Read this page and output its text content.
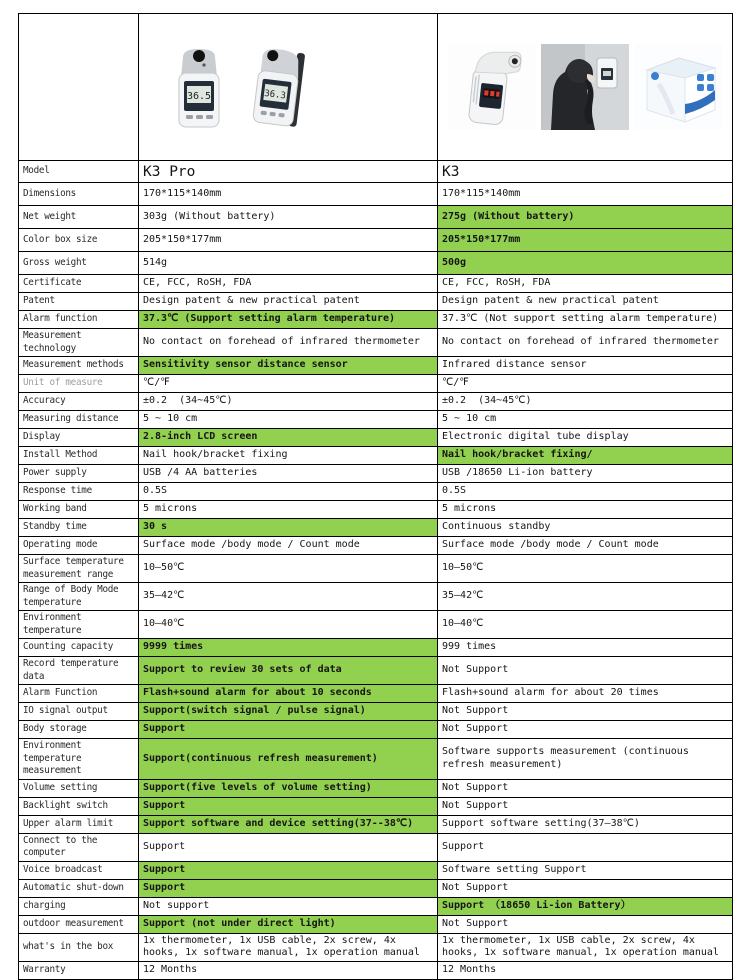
36.5 36.3

Model	K3 Pro	K3
Dimensions	170*115*140mm	170*115*140mm
Net weight	303g (Without battery)	275g (Without battery)
Color box size	205*150*177mm	205*150*177mm
Gross weight	514g	500g
Certificate	CE, FCC, RoSH, FDA	CE, FCC, RoSH, FDA
Patent	Design patent & new practical patent	Design patent & new practical patent
Alarm function	37.3℃ (Support setting alarm temperature)	37.3℃ (Not support setting alarm temperature)
Measurement technology	No contact on forehead of infrared thermometer	No contact on forehead of infrared thermometer
Measurement methods	Sensitivity sensor distance sensor	Infrared distance sensor
Unit of measure	℃/℉	℃/℉
Accuracy	±0.2  (34~45℃)	±0.2  (34~45℃)
Measuring distance	5 ~ 10 cm	5 ~ 10 cm
Display	2.8-inch LCD screen	Electronic digital tube display
Install Method	Nail hook/bracket fixing	Nail hook/bracket fixing/
Power supply	USB /4 AA batteries	USB /18650 Li-ion battery
Response time	0.5S	0.5S
Working band	5 microns	5 microns
Standby time	30 s	Continuous standby
Operating mode	Surface mode /body mode / Count mode	Surface mode /body mode / Count mode
Surface temperature measurement range	10—50℃	10—50℃
Range of Body Mode temperature	35—42℃	35—42℃
Environment temperature	10—40℃	10—40℃
Counting capacity	9999 times	999 times
Record temperature data	Support to review 30 sets of data	Not Support
Alarm Function	Flash+sound alarm for about 10 seconds	Flash+sound alarm for about 20 times
IO signal output	Support(switch signal / pulse signal)	Not Support
Body storage	Support	Not Support
Environment temperature measurement	Support(continuous refresh measurement)	Software supports measurement (continuous refresh measurement)
Volume setting	Support(five levels of volume setting)	Not Support
Backlight switch	Support	Not Support
Upper alarm limit	Support software and device setting(37--38℃)	Support software setting(37—38℃)
Connect to the computer	Support	Support
Voice broadcast	Support	Software setting Support
Automatic shut-down	Support	Not Support
charging	Not support	Support （18650 Li-ion Battery）
outdoor measurement	Support (not under direct light)	Not Support
what's in the box	1x thermometer, 1x USB cable, 2x screw, 4x hooks, 1x software manual, 1x operation manual	1x thermometer, 1x USB cable, 2x screw, 4x hooks, 1x software manual, 1x operation manual
Warranty	12 Months	12 Months
